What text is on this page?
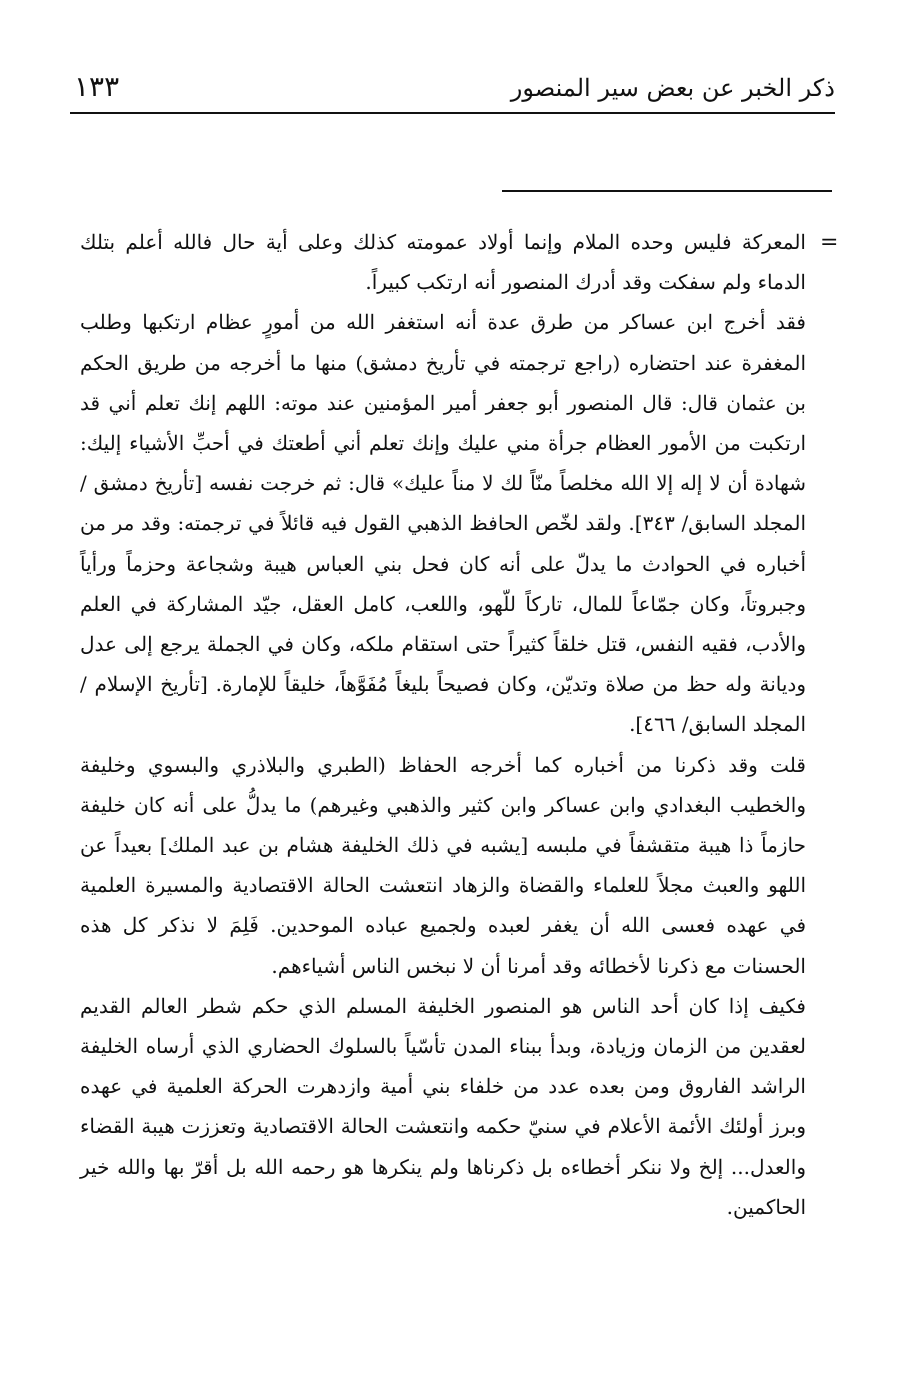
ذكر الخبر عن بعض سير المنصور
١٣٣
=

المعركة فليس وحده الملام وإنما أولاد عمومته كذلك وعلى أية حال فالله أعلم بتلك الدماء ولم سفكت وقد أدرك المنصور أنه ارتكب كبيراً.

فقد أخرج ابن عساكر من طرق عدة أنه استغفر الله من أمورٍ عظام ارتكبها وطلب المغفرة عند احتضاره (راجع ترجمته في تأريخ دمشق) منها ما أخرجه من طريق الحكم بن عثمان قال: قال المنصور أبو جعفر أمير المؤمنين عند موته: اللهم إنك تعلم أني قد ارتكبت من الأمور العظام جرأة مني عليك وإنك تعلم أني أطعتك في أحبِّ الأشياء إليك: شهادة أن لا إله إلا الله مخلصاً منّاً لك لا مناً عليك» قال: ثم خرجت نفسه [تأريخ دمشق / المجلد السابق/ ٣٤٣]. ولقد لخّص الحافظ الذهبي القول فيه قائلاً في ترجمته: وقد مر من أخباره في الحوادث ما يدلّ على أنه كان فحل بني العباس هيبة وشجاعة وحزماً ورأياً وجبروتاً، وكان جمّاعاً للمال، تاركاً للّهو، واللعب، كامل العقل، جيّد المشاركة في العلم والأدب، فقيه النفس، قتل خلقاً كثيراً حتى استقام ملكه، وكان في الجملة يرجع إلى عدل وديانة وله حظ من صلاة وتديّن، وكان فصيحاً بليغاً مُفَوَّهاً، خليقاً للإمارة. [تأريخ الإسلام / المجلد السابق/ ٤٦٦].

قلت وقد ذكرنا من أخباره كما أخرجه الحفاظ (الطبري والبلاذري والبسوي وخليفة والخطيب البغدادي وابن عساكر وابن كثير والذهبي وغيرهم) ما يدلُّ على أنه كان خليفة حازماً ذا هيبة متقشفاً في ملبسه [يشبه في ذلك الخليفة هشام بن عبد الملك] بعيداً عن اللهو والعبث مجلاً للعلماء والقضاة والزهاد انتعشت الحالة الاقتصادية والمسيرة العلمية في عهده فعسى الله أن يغفر لعبده ولجميع عباده الموحدين. فَلِمَ لا نذكر كل هذه الحسنات مع ذكرنا لأخطائه وقد أمرنا أن لا نبخس الناس أشياءهم.

فكيف إذا كان أحد الناس هو المنصور الخليفة المسلم الذي حكم شطر العالم القديم لعقدين من الزمان وزيادة، وبدأ ببناء المدن تأسّياً بالسلوك الحضاري الذي أرساه الخليفة الراشد الفاروق ومن بعده عدد من خلفاء بني أمية وازدهرت الحركة العلمية في عهده وبرز أولئك الأئمة الأعلام في سنيّ حكمه وانتعشت الحالة الاقتصادية وتعززت هيبة القضاء والعدل... إلخ ولا ننكر أخطاءه بل ذكرناها ولم ينكرها هو رحمه الله بل أقرّ بها والله خير الحاكمين.
